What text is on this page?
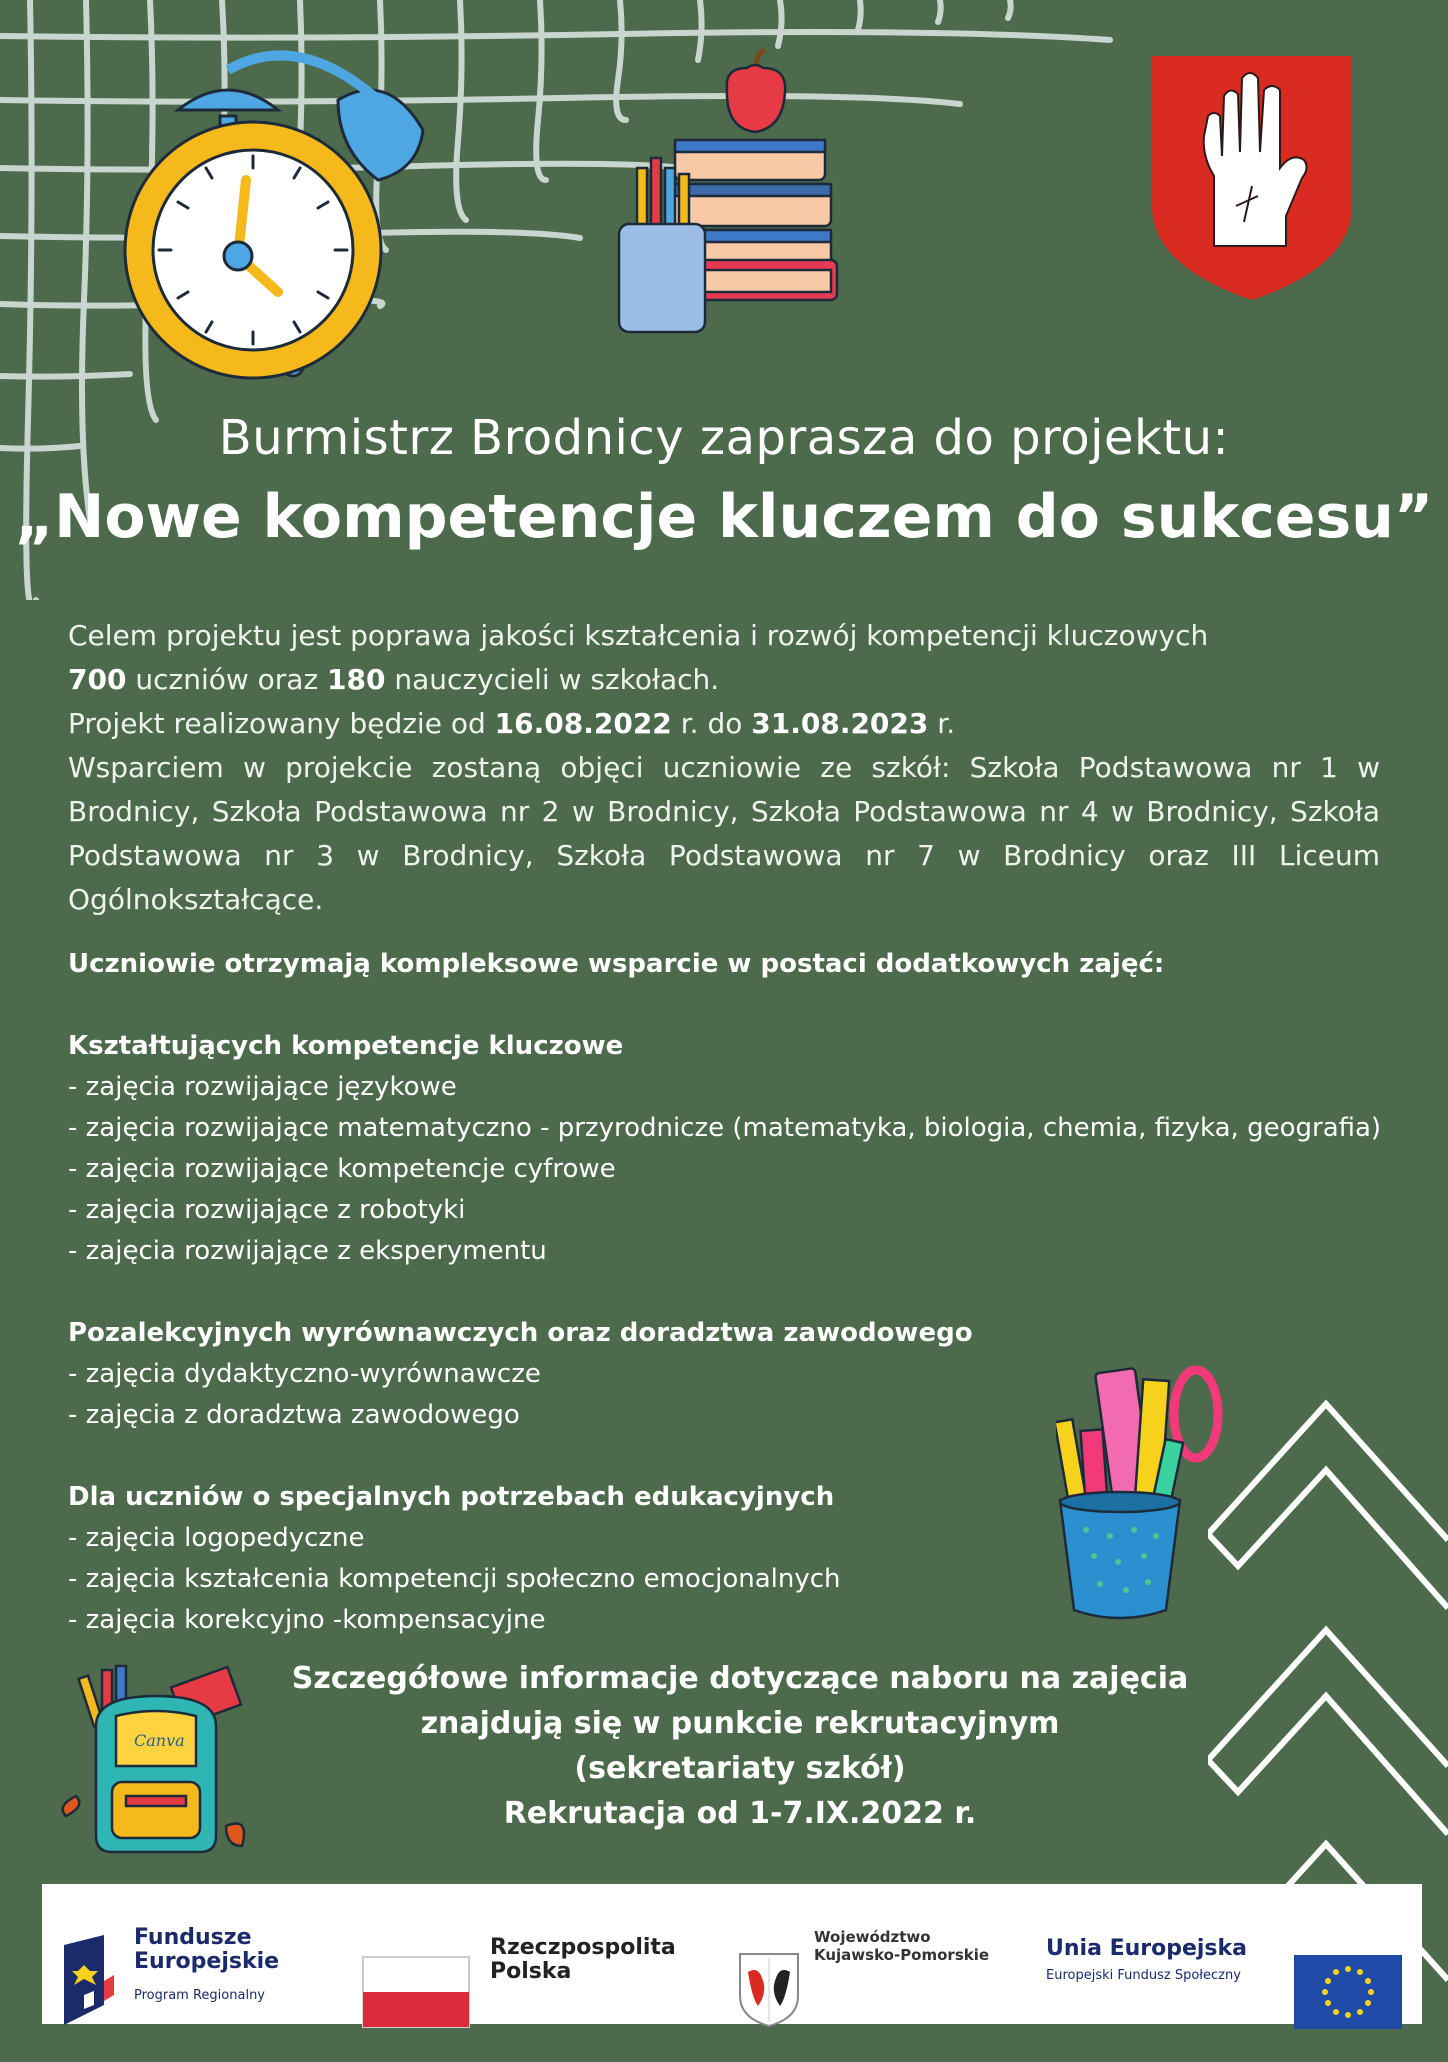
Burmistrz Brodnicy zaprasza do projektu:
„Nowe kompetencje kluczem do sukcesu”

Celem projektu jest poprawa jakości kształcenia i rozwój kompetencji kluczowych

700 uczniów oraz 180 nauczycieli w szkołach.

Projekt realizowany będzie od 16.08.2022 r. do 31.08.2023 r.

Wsparciem w projekcie zostaną objęci uczniowie ze szkół: Szkoła Podstawowa nr 1 w Brodnicy, Szkoła Podstawowa nr 2 w Brodnicy, Szkoła Podstawowa nr 4 w Brodnicy, Szkoła Podstawowa nr 3 w Brodnicy, Szkoła Podstawowa nr 7 w Brodnicy oraz III Liceum Ogólnokształcące.

Uczniowie otrzymają kompleksowe wsparcie w postaci dodatkowych zajęć:
Kształtujących kompetencje kluczowe
- zajęcia rozwijające językowe
- zajęcia rozwijające matematyczno - przyrodnicze (matematyka, biologia, chemia, fizyka, geografia)
- zajęcia rozwijające kompetencje cyfrowe
- zajęcia rozwijające z robotyki
- zajęcia rozwijające z eksperymentu
Pozalekcyjnych wyrównawczych oraz doradztwa zawodowego
- zajęcia dydaktyczno-wyrównawcze
- zajęcia z doradztwa zawodowego
Dla uczniów o specjalnych potrzebach edukacyjnych
- zajęcia logopedyczne
- zajęcia kształcenia kompetencji społeczno emocjonalnych
- zajęcia korekcyjno -kompensacyjne
Canva
Szczegółowe informacje dotyczące naboru na zajęcia
znajdują się w punkcie rekrutacyjnym
(sekretariaty szkół)
Rekrutacja od 1-7.IX.2022 r.
Fundusze
Europejskie
Program Regionalny
Rzeczpospolita
Polska
Województwo
Kujawsko-Pomorskie	Unia Europejska
Europejski Fundusz Społeczny
